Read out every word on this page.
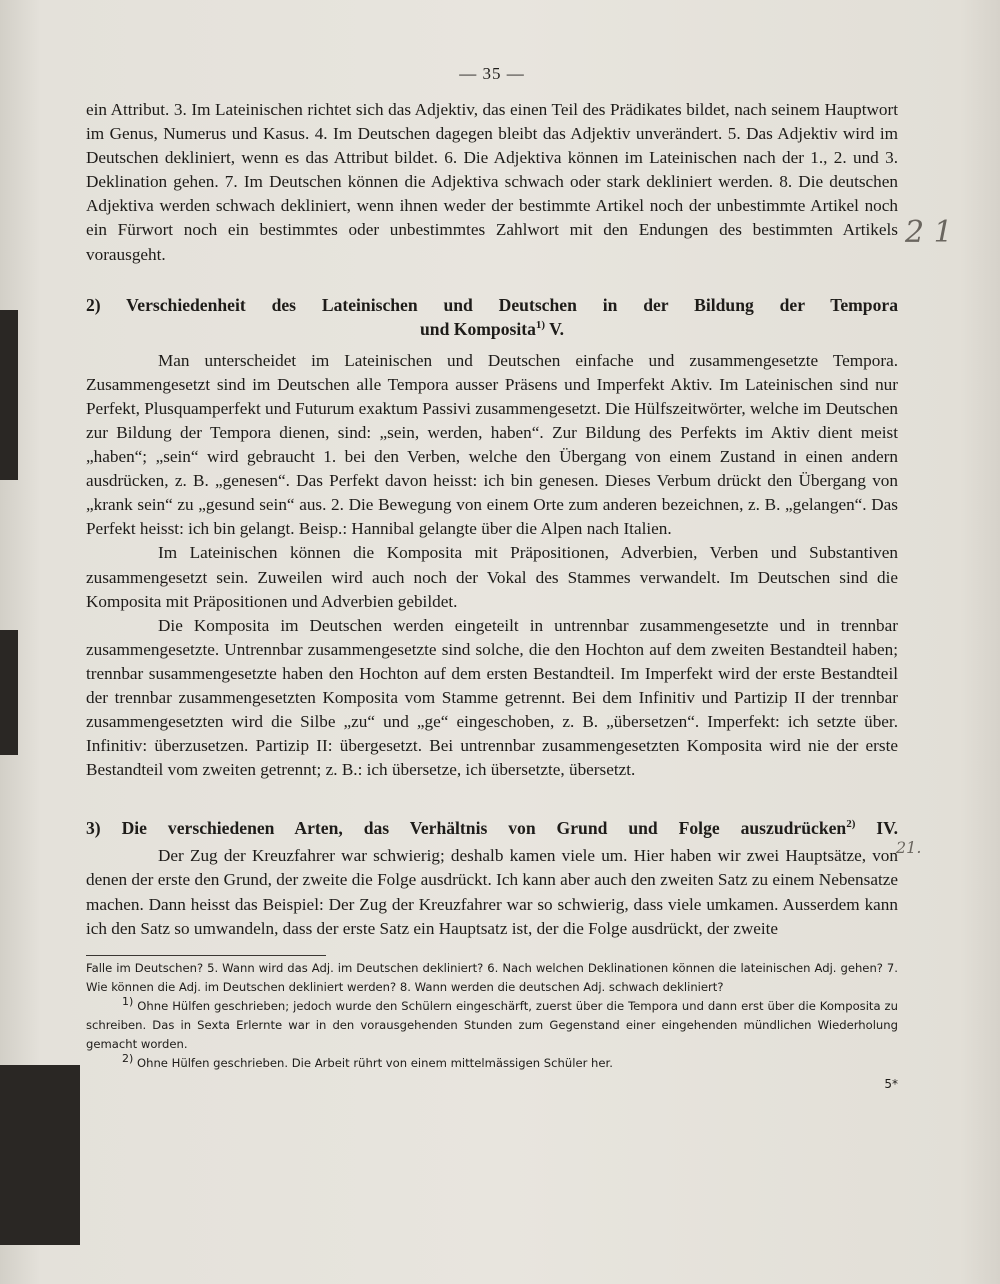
2 1
21.
— 35 —

ein Attribut. 3. Im Lateinischen richtet sich das Adjektiv, das einen Teil des Prädikates bildet, nach seinem Hauptwort im Genus, Numerus und Kasus. 4. Im Deutschen dagegen bleibt das Adjektiv unverändert. 5. Das Adjektiv wird im Deutschen dekliniert, wenn es das Attribut bildet. 6. Die Adjektiva können im Lateinischen nach der 1., 2. und 3. Deklination gehen. 7. Im Deutschen können die Adjektiva schwach oder stark dekliniert werden. 8. Die deutschen Adjektiva werden schwach dekliniert, wenn ihnen weder der bestimmte Artikel noch der unbestimmte Artikel noch ein Fürwort noch ein bestimmtes oder unbestimmtes Zahlwort mit den Endungen des bestimmten Artikels vorausgeht.

2) Verschiedenheit des Lateinischen und Deutschen in der Bildung der Tempora
und Komposita$^{1)}$ V.

Man unterscheidet im Lateinischen und Deutschen einfache und zusammengesetzte Tempora. Zusammengesetzt sind im Deutschen alle Tempora ausser Präsens und Imperfekt Aktiv. Im Lateinischen sind nur Perfekt, Plusquamperfekt und Futurum exaktum Passivi zusammengesetzt. Die Hülfszeitwörter, welche im Deutschen zur Bildung der Tempora dienen, sind: „sein, werden, haben“. Zur Bildung des Perfekts im Aktiv dient meist „haben“; „sein“ wird gebraucht 1. bei den Verben, welche den Übergang von einem Zustand in einen andern ausdrücken, z. B. „genesen“. Das Perfekt davon heisst: ich bin genesen. Dieses Verbum drückt den Übergang von „krank sein“ zu „gesund sein“ aus. 2. Die Bewegung von einem Orte zum anderen bezeichnen, z. B. „gelangen“. Das Perfekt heisst: ich bin gelangt. Beisp.: Hannibal gelangte über die Alpen nach Italien.

Im Lateinischen können die Komposita mit Präpositionen, Adverbien, Verben und Substantiven zusammengesetzt sein. Zuweilen wird auch noch der Vokal des Stammes verwandelt. Im Deutschen sind die Komposita mit Präpositionen und Adverbien gebildet.

Die Komposita im Deutschen werden eingeteilt in untrennbar zusammengesetzte und in trennbar zusammengesetzte. Untrennbar zusammengesetzte sind solche, die den Hochton auf dem zweiten Bestandteil haben; trennbar susammengesetzte haben den Hochton auf dem ersten Bestandteil. Im Imperfekt wird der erste Bestandteil der trennbar zusammengesetzten Komposita vom Stamme getrennt. Bei dem Infinitiv und Partizip II der trennbar zusammengesetzten wird die Silbe „zu“ und „ge“ eingeschoben, z. B. „übersetzen“. Imperfekt: ich setzte über. Infinitiv: überzusetzen. Partizip II: übergesetzt. Bei untrennbar zusammengesetzten Komposita wird nie der erste Bestandteil vom zweiten getrennt; z. B.: ich übersetze, ich übersetzte, übersetzt.

3) Die verschiedenen Arten, das Verhältnis von Grund und Folge auszudrücken$^{2)}$ IV.

Der Zug der Kreuzfahrer war schwierig; deshalb kamen viele um. Hier haben wir zwei Hauptsätze, von denen der erste den Grund, der zweite die Folge ausdrückt. Ich kann aber auch den zweiten Satz zu einem Nebensatze machen. Dann heisst das Beispiel: Der Zug der Kreuzfahrer war so schwierig, dass viele umkamen. Ausserdem kann ich den Satz so umwandeln, dass der erste Satz ein Hauptsatz ist, der die Folge ausdrückt, der zweite

Falle im Deutschen? 5. Wann wird das Adj. im Deutschen dekliniert? 6. Nach welchen Deklinationen können die lateinischen Adj. gehen? 7. Wie können die Adj. im Deutschen dekliniert werden? 8. Wann werden die deutschen Adj. schwach dekliniert?

1) Ohne Hülfen geschrieben; jedoch wurde den Schülern eingeschärft, zuerst über die Tempora und dann erst über die Komposita zu schreiben. Das in Sexta Erlernte war in den vorausgehenden Stunden zum Gegenstand einer eingehenden mündlichen Wiederholung gemacht worden.

2) Ohne Hülfen geschrieben. Die Arbeit rührt von einem mittelmässigen Schüler her.

5*
